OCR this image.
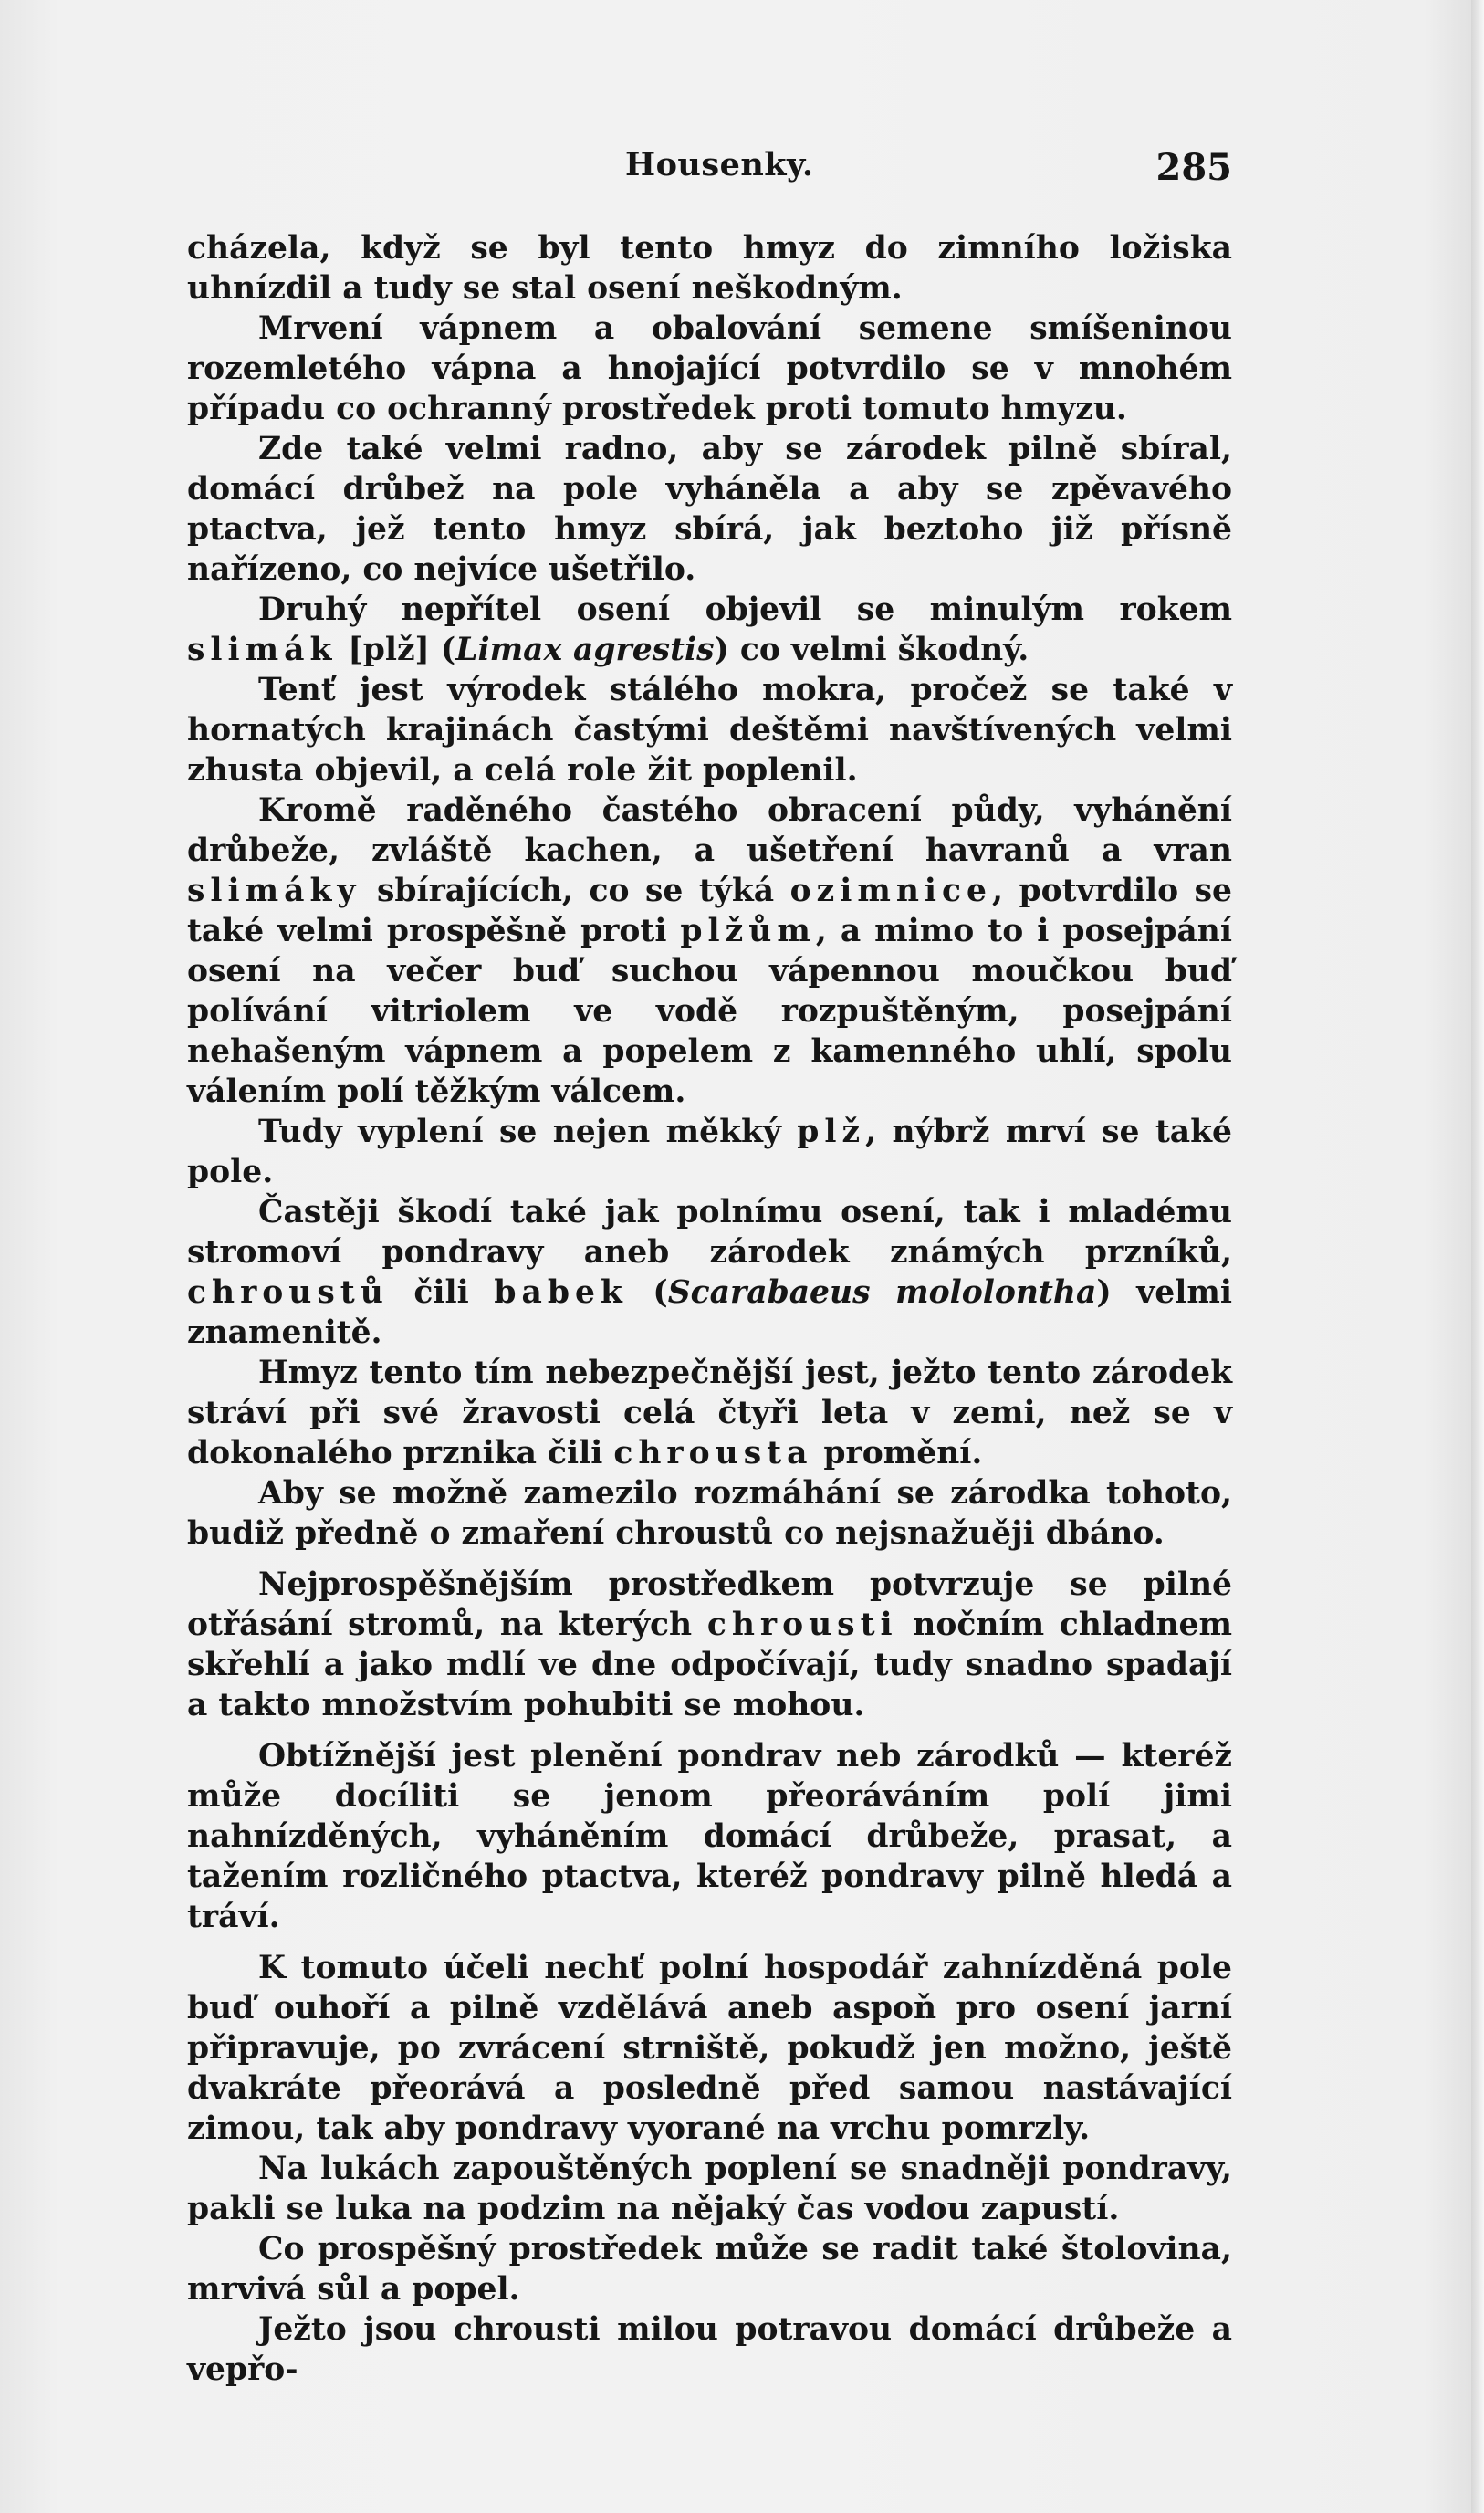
Housenky.	285

cházela, když se byl tento hmyz do zimního ložiska uhnízdil a tudy se stal osení neškodným.

Mrvení vápnem a obalování semene smíšeninou rozemletého vápna a hnojající potvrdilo se v mnohém případu co ochranný prostředek proti tomuto hmyzu.

Zde také velmi radno, aby se zárodek pilně sbíral, domácí drůbež na pole vyháněla a aby se zpěvavého ptactva, jež tento hmyz sbírá, jak beztoho již přísně nařízeno, co nejvíce ušetřilo.

Druhý nepřítel osení objevil se minulým rokem slimák [plž] (Limax agrestis) co velmi škodný.

Tenť jest výrodek stálého mokra, pročež se také v hornatých krajinách častými deštěmi navštívených velmi zhusta objevil, a celá role žit poplenil.

Kromě raděného častého obracení půdy, vyhánění drůbeže, zvláště kachen, a ušetření havranů a vran slimáky sbírajících, co se týká ozimnice, potvrdilo se také velmi prospěšně proti plžům, a mimo to i posejpání osení na večer buď suchou vápennou moučkou buď polívání vitriolem ve vodě rozpuštěným, posejpání nehašeným vápnem a popelem z kamenného uhlí, spolu válením polí těžkým válcem.

Tudy vyplení se nejen měkký plž, nýbrž mrví se také pole.

Častěji škodí také jak polnímu osení, tak i mladému stromoví pondravy aneb zárodek známých przníků, chroustů čili babek (Scarabaeus mololontha) velmi znamenitě.

Hmyz tento tím nebezpečnější jest, ježto tento zárodek stráví při své žravosti celá čtyři leta v zemi, než se v dokonalého prznika čili chrousta promění.

Aby se možně zamezilo rozmáhání se zárodka tohoto, budiž předně o zmaření chroustů co nejsnažuěji dbáno.

Nejprospěšnějším prostředkem potvrzuje se pilné otřásání stromů, na kterých chrousti nočním chladnem skřehlí a jako mdlí ve dne odpočívají, tudy snadno spadají a takto množstvím pohubiti se mohou.

Obtížnější jest plenění pondrav neb zárodků — kteréž může docíliti se jenom přeoráváním polí jimi nahnízděných, vyháněním domácí drůbeže, prasat, a tažením rozličného ptactva, kteréž pondravy pilně hledá a tráví.

K tomuto účeli nechť polní hospodář zahnízděná pole buď ouhoří a pilně vzdělává aneb aspoň pro osení jarní připravuje, po zvrácení strniště, pokudž jen možno, ještě dvakráte přeorává a posledně před samou nastávající zimou, tak aby pondravy vyorané na vrchu pomrzly.

Na lukách zapouštěných poplení se snadněji pondravy, pakli se luka na podzim na nějaký čas vodou zapustí.

Co prospěšný prostředek může se radit také štolovina, mrvivá sůl a popel.

Ježto jsou chrousti milou potravou domácí drůbeže a vepřo-
